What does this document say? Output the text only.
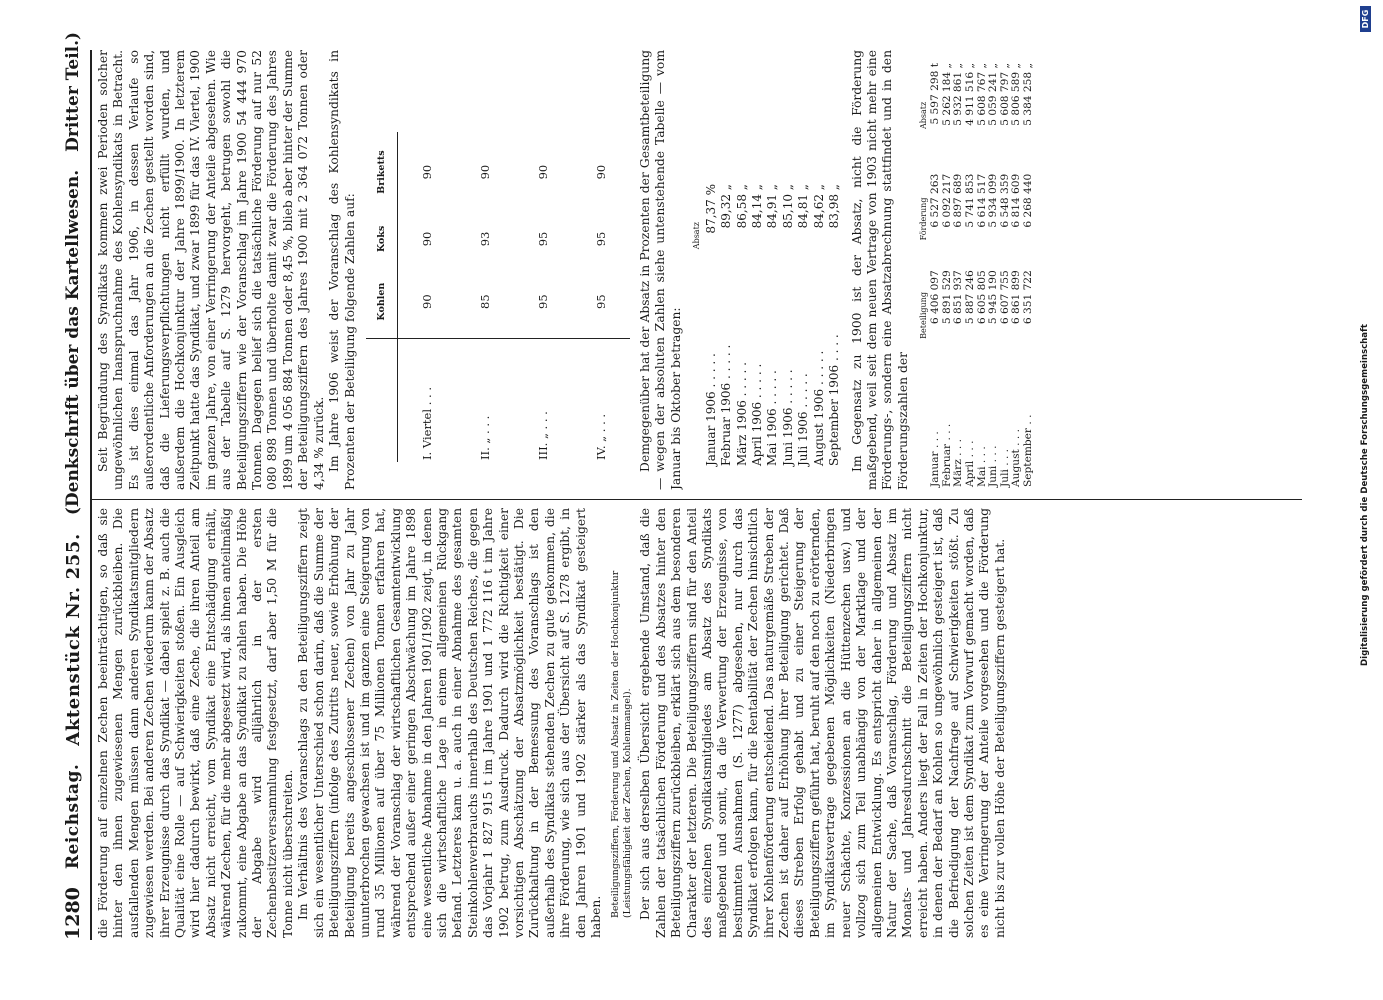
1280
Reichstag.
Aktenstück Nr. 255.
(Denkschrift über das Kartellwesen.
Dritter Teil.)

die Förderung auf einzelnen Zechen beeinträchtigen, so daß sie hinter den ihnen zugewiesenen Mengen zurückbleiben. Die ausfallenden Mengen müssen dann anderen Syndikatsmitgliedern zugewiesen werden. Bei anderen Zechen wiederum kann der Absatz ihrer Erzeugnisse durch das Syndikat — dabei spielt z. B. auch die Qualität eine Rolle — auf Schwierigkeiten stoßen. Ein Ausgleich wird hier dadurch bewirkt, daß eine Zeche, die ihren Anteil am Absatz nicht erreicht, vom Syndikat eine Entschädigung erhält, während Zechen, für die mehr abgesetzt wird, als ihnen anteilmäßig zukommt, eine Abgabe an das Syndikat zu zahlen haben. Die Höhe der Abgabe wird alljährlich in der ersten Zechenbesitzerversammlung festgesetzt, darf aber 1,50 M für die Tonne nicht überschreiten. Im Verhältnis des Voranschlags zu den Beteiligungsziffern zeigt sich ein wesentlicher Unterschied schon darin, daß die Summe der Beteiligungsziffern (infolge des Zutritts neuer, sowie Erhöhung der Beteiligung bereits angeschlossener Zechen) von Jahr zu Jahr ununterbrochen gewachsen ist und im ganzen eine Steigerung von rund 35 Millionen auf über 75 Millionen Tonnen erfahren hat, während der Voranschlag der wirtschaftlichen Gesamtentwicklung entsprechend außer einer geringen Abschwächung im Jahre 1898 eine wesentliche Abnahme in den Jahren 1901/1902 zeigt, in denen sich die wirtschaftliche Lage in einem allgemeinen Rückgang befand. Letzteres kam u. a. auch in einer Abnahme des gesamten Steinkohlenverbrauchs innerhalb des Deutschen Reiches, die gegen das Vorjahr 1 827 915 t im Jahre 1901 und 1 772 116 t im Jahre 1902 betrug, zum Ausdruck. Dadurch wird die Richtigkeit einer vorsichtigen Abschätzung der Absatzmöglichkeit bestätigt. Die Zurückhaltung in der Bemessung des Voranschlags ist den außerhalb des Syndikats stehenden Zechen zu gute gekommen, die ihre Förderung, wie sich aus der Übersicht auf S. 1278 ergibt, in den Jahren 1901 und 1902 stärker als das Syndikat gesteigert haben. Beteiligungsziffern, Förderung und Absatz in Zeiten der Hochkonjunktur (Leistungsfähigkeit der Zechen, Kohlenmangel). Der sich aus derselben Übersicht ergebende Umstand, daß die Zahlen der tatsächlichen Förderung und des Absatzes hinter den Beteiligungsziffern zurückbleiben, erklärt sich aus dem besonderen Charakter der letzteren. Die Beteiligungsziffern sind für den Anteil des einzelnen Syndikatsmitgliedes am Absatz des Syndikats maßgebend und somit, da die Verwertung der Erzeugnisse, von bestimmten Ausnahmen (S. 1277) abgesehen, nur durch das Syndikat erfolgen kann, für die Rentabilität der Zechen hinsichtlich ihrer Kohlenförderung entscheidend. Das naturgemäße Streben der Zechen ist daher auf Erhöhung ihrer Beteiligung gerichtet. Daß dieses Streben Erfolg gehabt und zu einer Steigerung der Beteiligungsziffern geführt hat, beruht auf den noch zu erörternden, im Syndikatsvertrage gegebenen Möglichkeiten (Niederbringen neuer Schächte, Konzessionen an die Hüttenzechen usw.) und vollzog sich zum Teil unabhängig von der Marktlage und der allgemeinen Entwicklung. Es entspricht daher in allgemeinen der Natur der Sache, daß Voranschlag, Förderung und Absatz im Monats- und Jahresdurchschnitt die Beteiligungsziffern nicht erreicht haben. Anders liegt der Fall in Zeiten der Hochkonjunktur, in denen der Bedarf an Kohlen so ungewöhnlich gesteigert ist, daß die Befriedigung der Nachfrage auf Schwierigkeiten stößt. Zu solchen Zeiten ist dem Syndikat zum Vorwurf gemacht worden, daß es eine Verringerung der Anteile vorgesehen und die Förderung nicht bis zur vollen Höhe der Beteiligungsziffern gesteigert hat.

Seit Begründung des Syndikats kommen zwei Perioden solcher ungewöhnlichen Inanspruchnahme des Kohlensyndikats in Betracht. Es ist dies einmal das Jahr 1906, in dessen Verlaufe so außerordentliche Anforderungen an die Zechen gestellt worden sind, daß die Lieferungsverpflichtungen nicht erfüllt wurden, und außerdem die Hochkonjunktur der Jahre 1899/1900. In letzterem Zeitpunkt hatte das Syndikat, und zwar 1899 für das IV. Viertel, 1900 im ganzen Jahre, von einer Verringerung der Anteile abgesehen. Wie aus der Tabelle auf S. 1279 hervorgeht, betrugen sowohl die Beteiligungsziffern wie der Voranschlag im Jahre 1900 54 444 970 Tonnen. Dagegen belief sich die tatsächliche Förderung auf nur 52 080 898 Tonnen und überholte damit zwar die Förderung des Jahres 1899 um 4 056 884 Tonnen oder 8,45 %, blieb aber hinter der Summe der Beteiligungsziffern des Jahres 1900 mit 2 364 072 Tonnen oder 4,34 % zurück. Im Jahre 1906 weist der Voranschlag des Kohlensyndikats in Prozenten der Beteiligung folgende Zahlen auf:

	Kohlen	Koks	Briketts
I. Viertel . . .	90	90	90
II. „ . . .	85	93	90
III. „ . . .	95	95	90
IV. „ . . .	95	95	90 Demgegenüber hat der Absatz in Prozenten der Gesamtbeteiligung — wegen der absoluten Zahlen siehe untenstehende Tabelle — vom Januar bis Oktober betragen:

Absatz	
Januar 1906 . . . . .	87,37 %
Februar 1906 . . . . .	89,32 „
März 1906 . . . . .	86,58 „
April 1906 . . . . .	84,14 „
Mai 1906 . . . . .	84,91 „
Juni 1906 . . . . .	85,10 „
Juli 1906 . . . . .	84,81 „
August 1906 . . . . .	84,62 „
September 1906 . . . .	83,98 „ Im Gegensatz zu 1900 ist der Absatz, nicht die Förderung maßgebend, weil seit dem neuen Vertrage von 1903 nicht mehr eine Förderungs-, sondern eine Absatzabrechnung stattfindet und in den Förderungszahlen der

	Beteiligung	Förderung	Absatz
Januar . . .	6 406 097	6 527 263	5 597 298 t
Februar . . .	5 891 529	6 092 217	5 262 184 „
März . . .	6 851 937	6 897 689	5 932 861 „
April . . .	5 887 246	5 741 853	4 911 516 „
Mai . . .	6 605 805	6 614 517	5 608 767 „
Juni . . .	5 945 190	5 934 099	5 059 241 „
Juli . . .	6 607 755	6 548 359	5 608 797 „
August . . .	6 861 899	6 814 609	5 806 589 „
September . .	6 351 722	6 268 440	5 384 258 „
Digitalisierung gefördert durch die Deutsche Forschungsgemeinschaft
DFG
